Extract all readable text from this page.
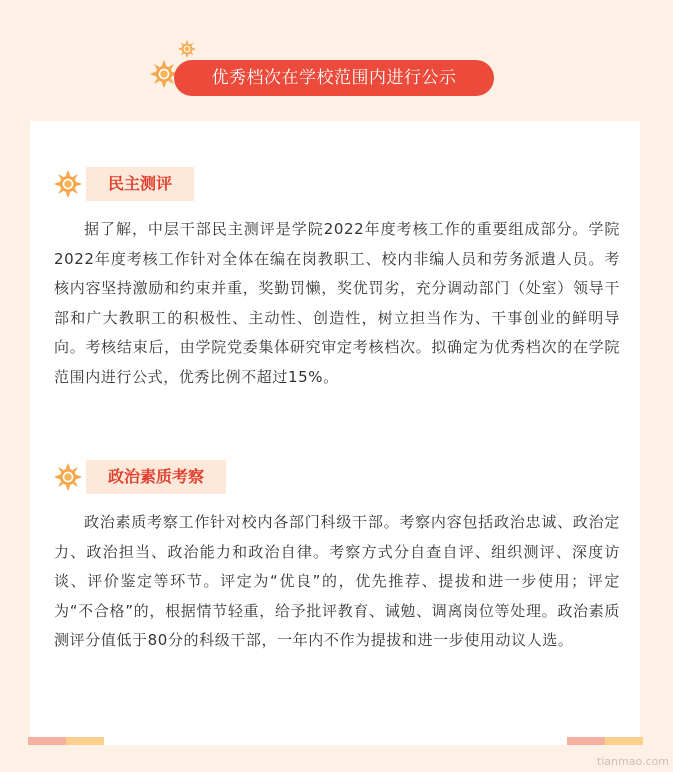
优秀档次在学校范围内进行公示
民主测评
据了解，中层干部民主测评是学院2022年度考核工作的重要组成部分。学院2022年度考核工作针对全体在编在岗教职工、校内非编人员和劳务派遣人员。考核内容坚持激励和约束并重，奖勤罚懒，奖优罚劣，充分调动部门（处室）领导干部和广大教职工的积极性、主动性、创造性，树立担当作为、干事创业的鲜明导向。考核结束后，由学院党委集体研究审定考核档次。拟确定为优秀档次的在学院范围内进行公式，优秀比例不超过15%。
政治素质考察
政治素质考察工作针对校内各部门科级干部。考察内容包括政治忠诚、政治定力、政治担当、政治能力和政治自律。考察方式分自查自评、组织测评、深度访谈、评价鉴定等环节。评定为“优良”的，优先推荐、提拔和进一步使用；评定为“不合格”的，根据情节轻重，给予批评教育、诫勉、调离岗位等处理。政治素质测评分值低于80分的科级干部，一年内不作为提拔和进一步使用动议人选。
tianmao.com
